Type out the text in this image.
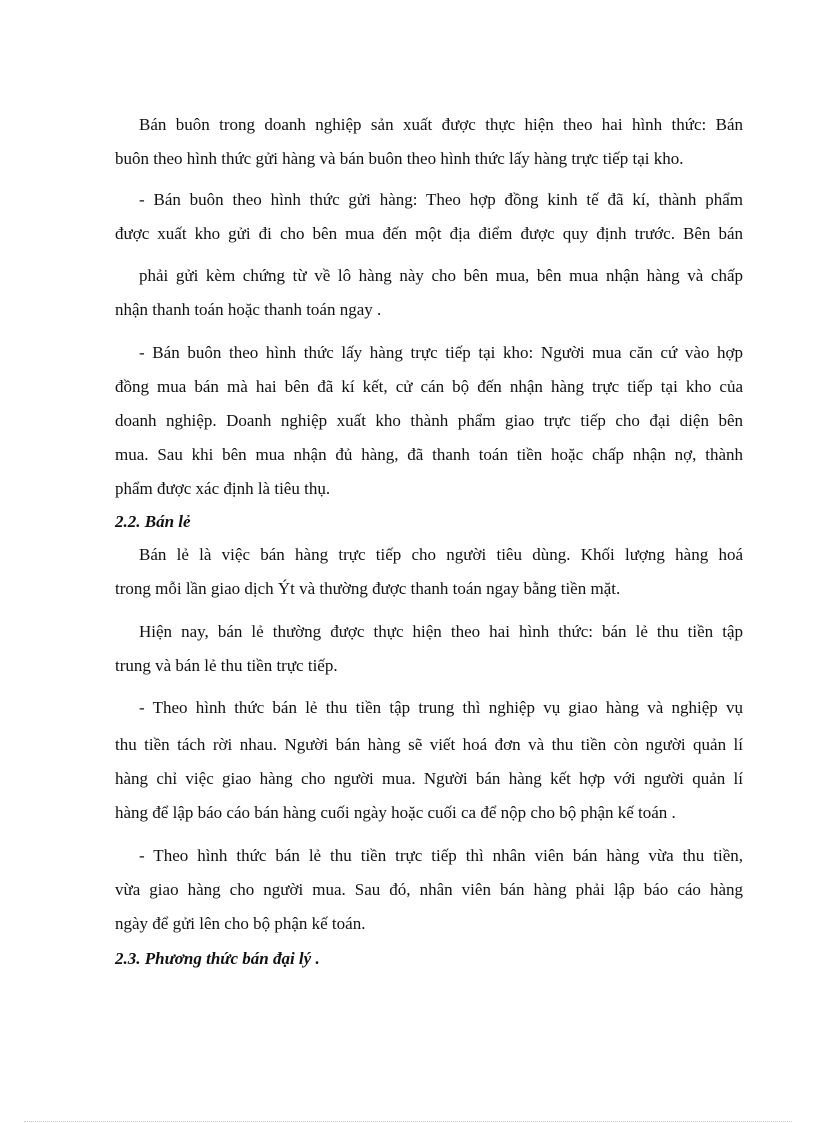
Bán buôn trong doanh nghiệp sản xuất được thực hiện theo hai hình thức: Bán

buôn theo hình thức gửi hàng và bán buôn theo hình thức lấy hàng trực tiếp tại kho.

- Bán buôn theo hình thức gửi hàng: Theo hợp đồng kinh tế đã kí, thành phẩm

được xuất kho gửi đi cho bên mua đến một địa điểm được quy định trước. Bên bán

phải gửi kèm chứng từ về lô hàng này cho bên mua, bên mua nhận hàng và chấp

nhận thanh toán hoặc thanh toán ngay .

- Bán buôn theo hình thức lấy hàng trực tiếp tại kho: Người mua căn cứ vào hợp

đồng mua bán mà hai bên đã kí kết, cử cán bộ đến nhận hàng trực tiếp tại kho của

doanh nghiệp. Doanh nghiệp xuất kho thành phẩm giao trực tiếp cho đại diện bên

mua. Sau khi bên mua nhận đủ hàng, đã thanh toán tiền hoặc chấp nhận nợ, thành

phẩm được xác định là tiêu thụ.

2.2. Bán lẻ

Bán lẻ là việc bán hàng trực tiếp cho người tiêu dùng. Khối lượng hàng hoá

trong mỗi lần giao dịch Ýt và thường được thanh toán ngay bằng tiền mặt.

Hiện nay, bán lẻ thường được thực hiện theo hai hình thức: bán lẻ thu tiền tập

trung và bán lẻ thu tiền trực tiếp.

- Theo hình thức bán lẻ thu tiền tập trung thì nghiệp vụ giao hàng và nghiệp vụ

thu tiền tách rời nhau. Người bán hàng sẽ viết hoá đơn và thu tiền còn người quản lí

hàng chỉ việc giao hàng cho người mua. Người bán hàng kết hợp với người quản lí

hàng để lập báo cáo bán hàng cuối ngày hoặc cuối ca để nộp cho bộ phận kế toán .

- Theo hình thức bán lẻ thu tiền trực tiếp thì nhân viên bán hàng vừa thu tiền,

vừa giao hàng cho người mua. Sau đó, nhân viên bán hàng phải lập báo cáo hàng

ngày để gửi lên cho bộ phận kế toán.

2.3. Phương thức bán đại lý .
